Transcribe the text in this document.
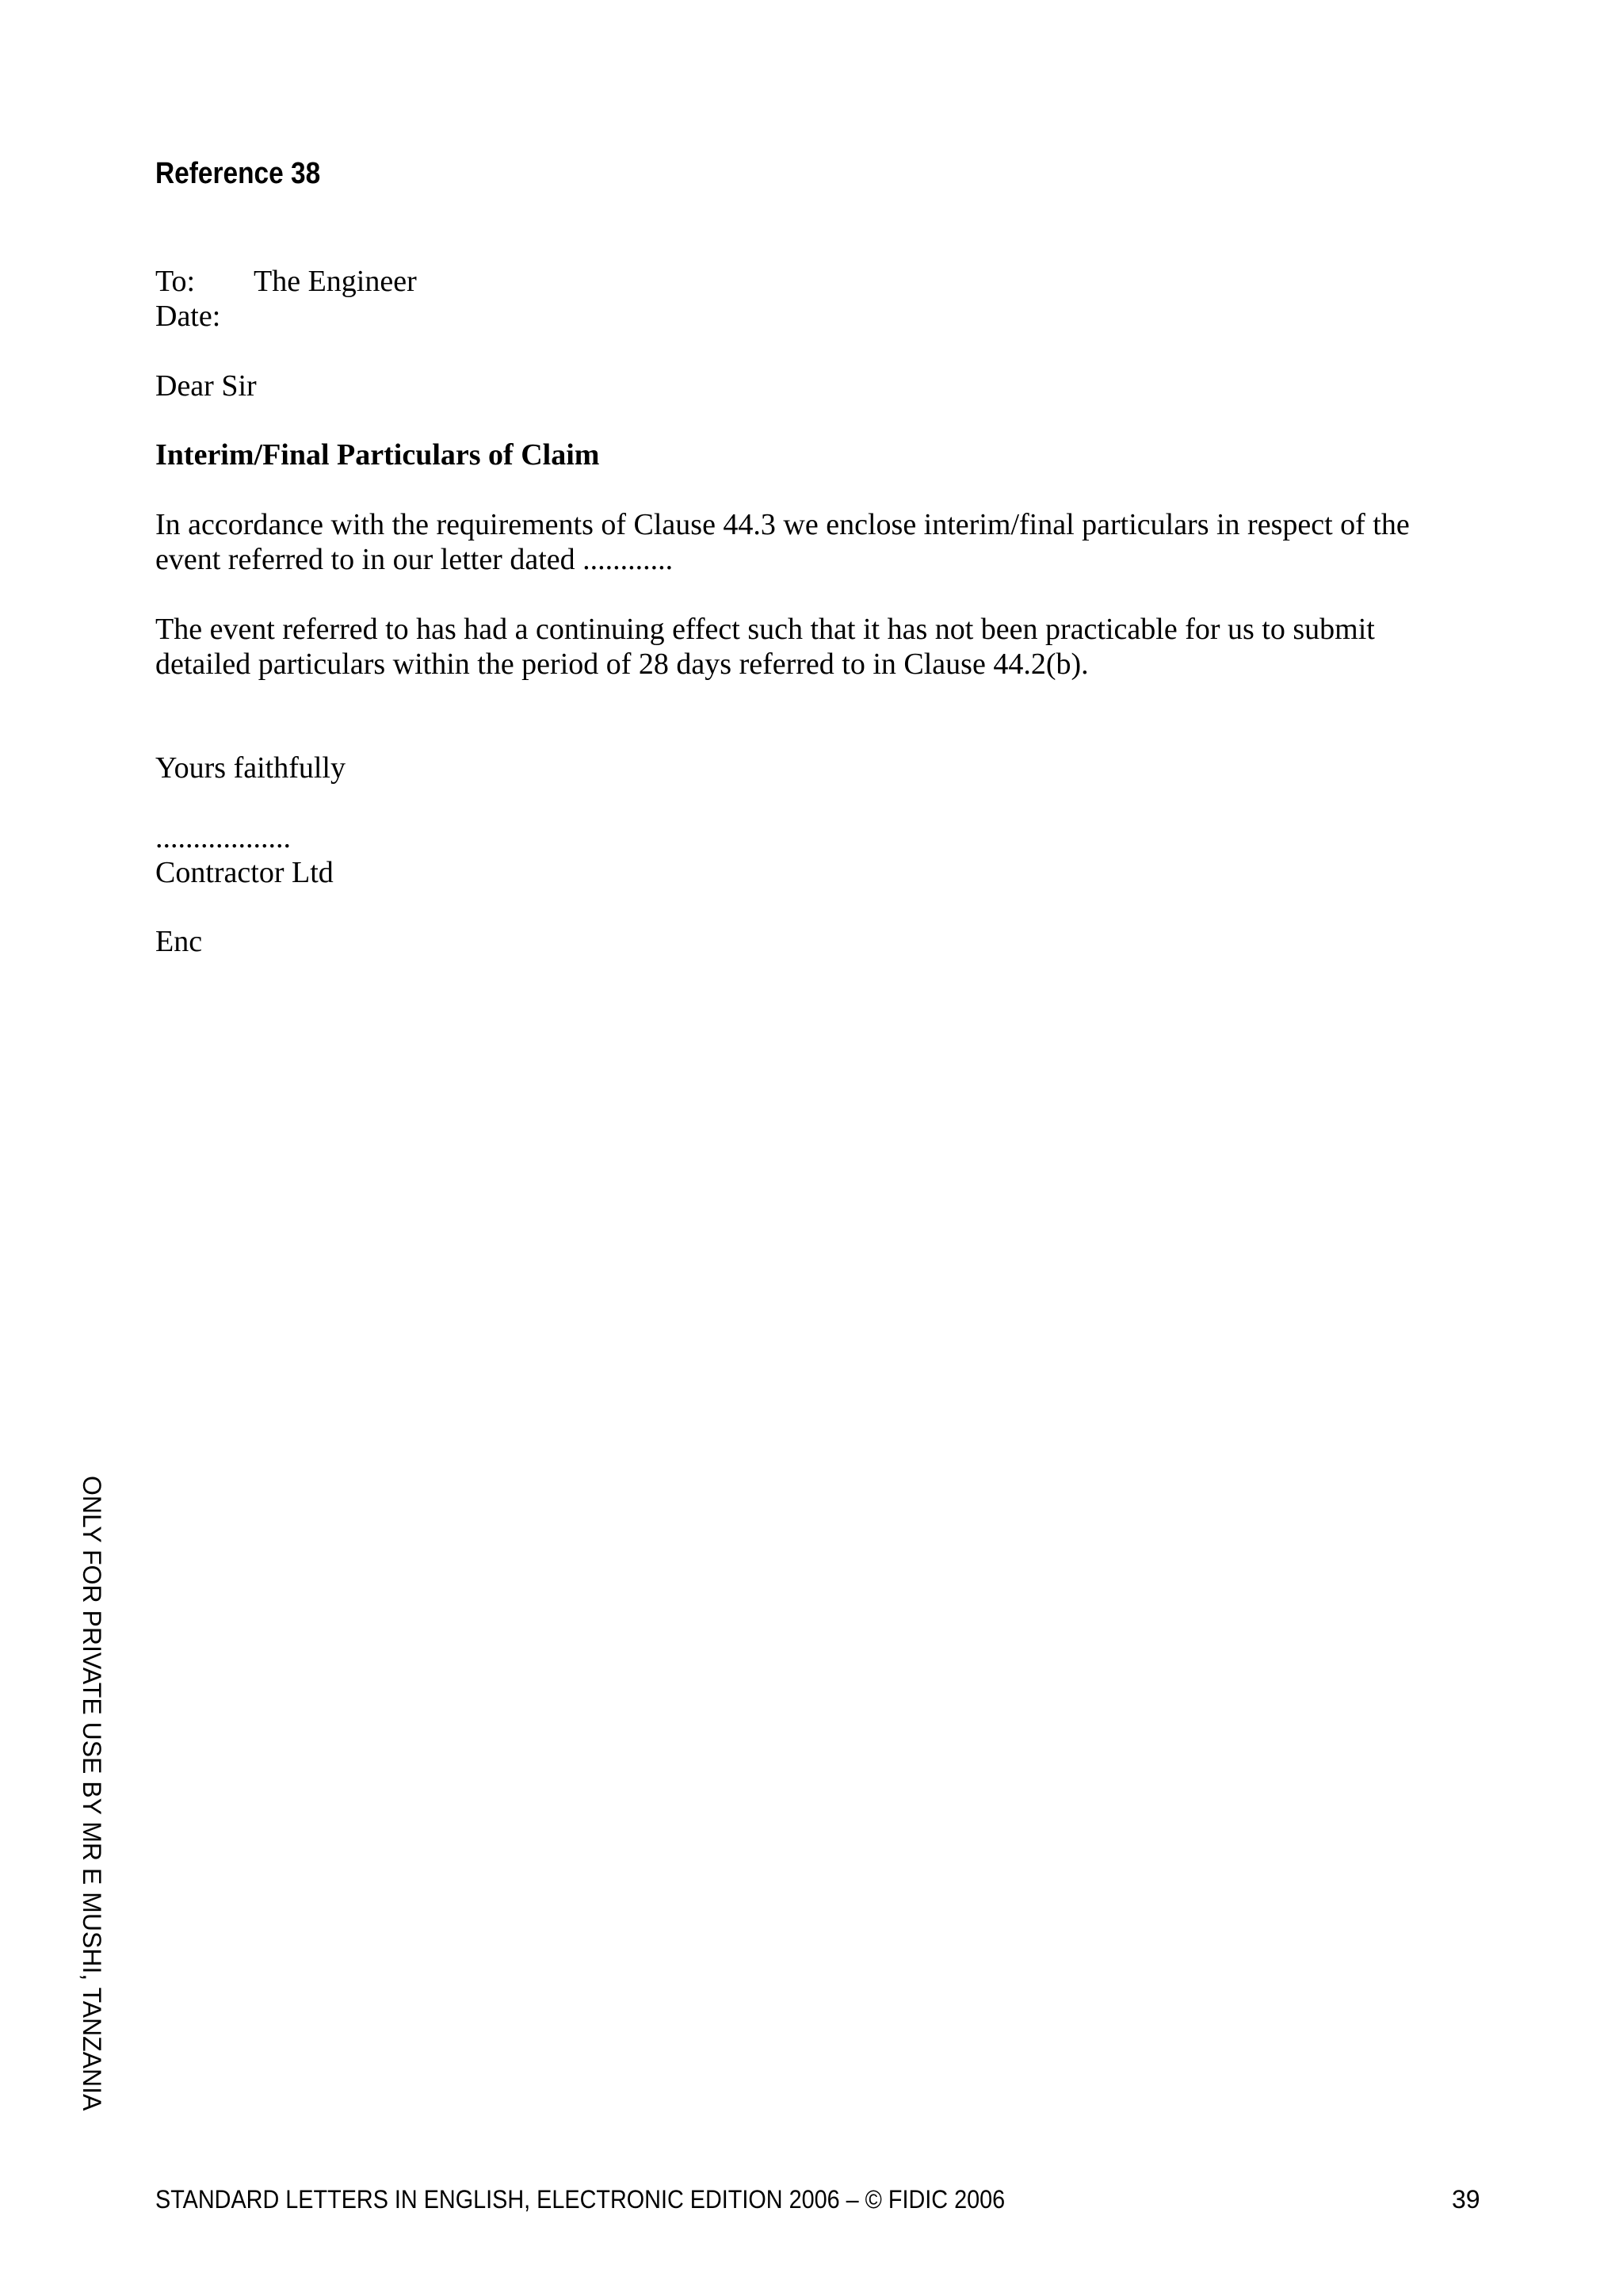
Reference 38
To: The Engineer
Date:
Dear Sir
Interim/Final Particulars of Claim
In accordance with the requirements of Clause 44.3 we enclose interim/final particulars in respect of the event referred to in our letter dated ............
The event referred to has had a continuing effect such that it has not been practicable for us to submit detailed particulars within the period of 28 days referred to in Clause 44.2(b).
Yours faithfully
..................
Contractor Ltd
Enc
ONLY FOR PRIVATE USE BY MR E MUSHI, TANZANIA
STANDARD LETTERS IN ENGLISH, ELECTRONIC EDITION 2006 – © FIDIC 2006	39
